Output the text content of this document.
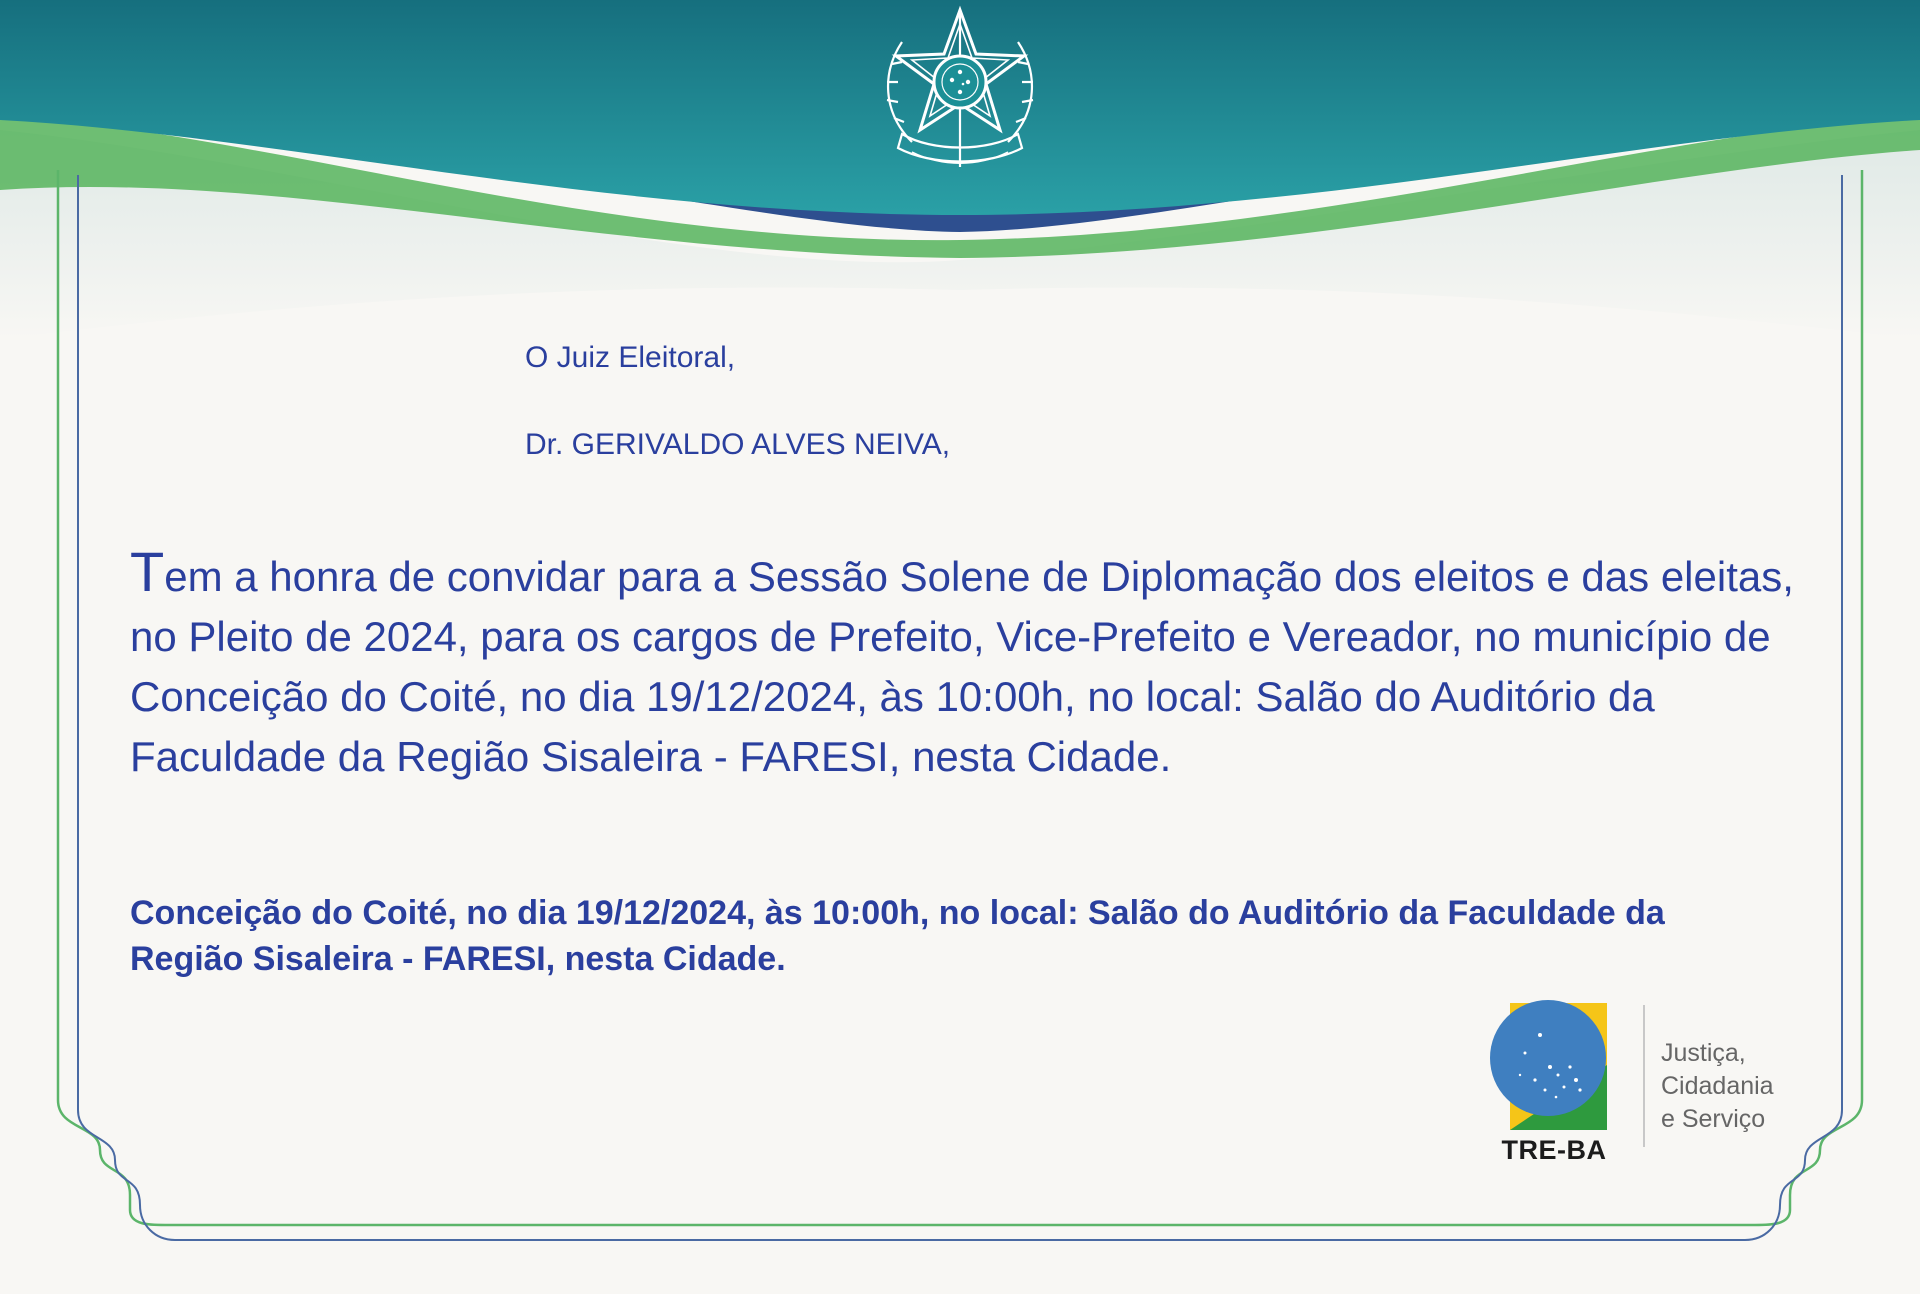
O Juiz Eleitoral,
Dr. GERIVALDO ALVES NEIVA,
Tem a honra de convidar para a Sessão Solene de Diplomação dos eleitos e das eleitas, no Pleito de 2024, para os cargos de Prefeito, Vice-Prefeito e Vereador, no município de Conceição do Coité, no dia 19/12/2024, às 10:00h, no local: Salão do Auditório da Faculdade da Região Sisaleira - FARESI, nesta Cidade.
Conceição do Coité, no dia 19/12/2024, às 10:00h, no local: Salão do Auditório da Faculdade da Região Sisaleira - FARESI, nesta Cidade.
TRE-BA
Justiça,
Cidadania
e Serviço
